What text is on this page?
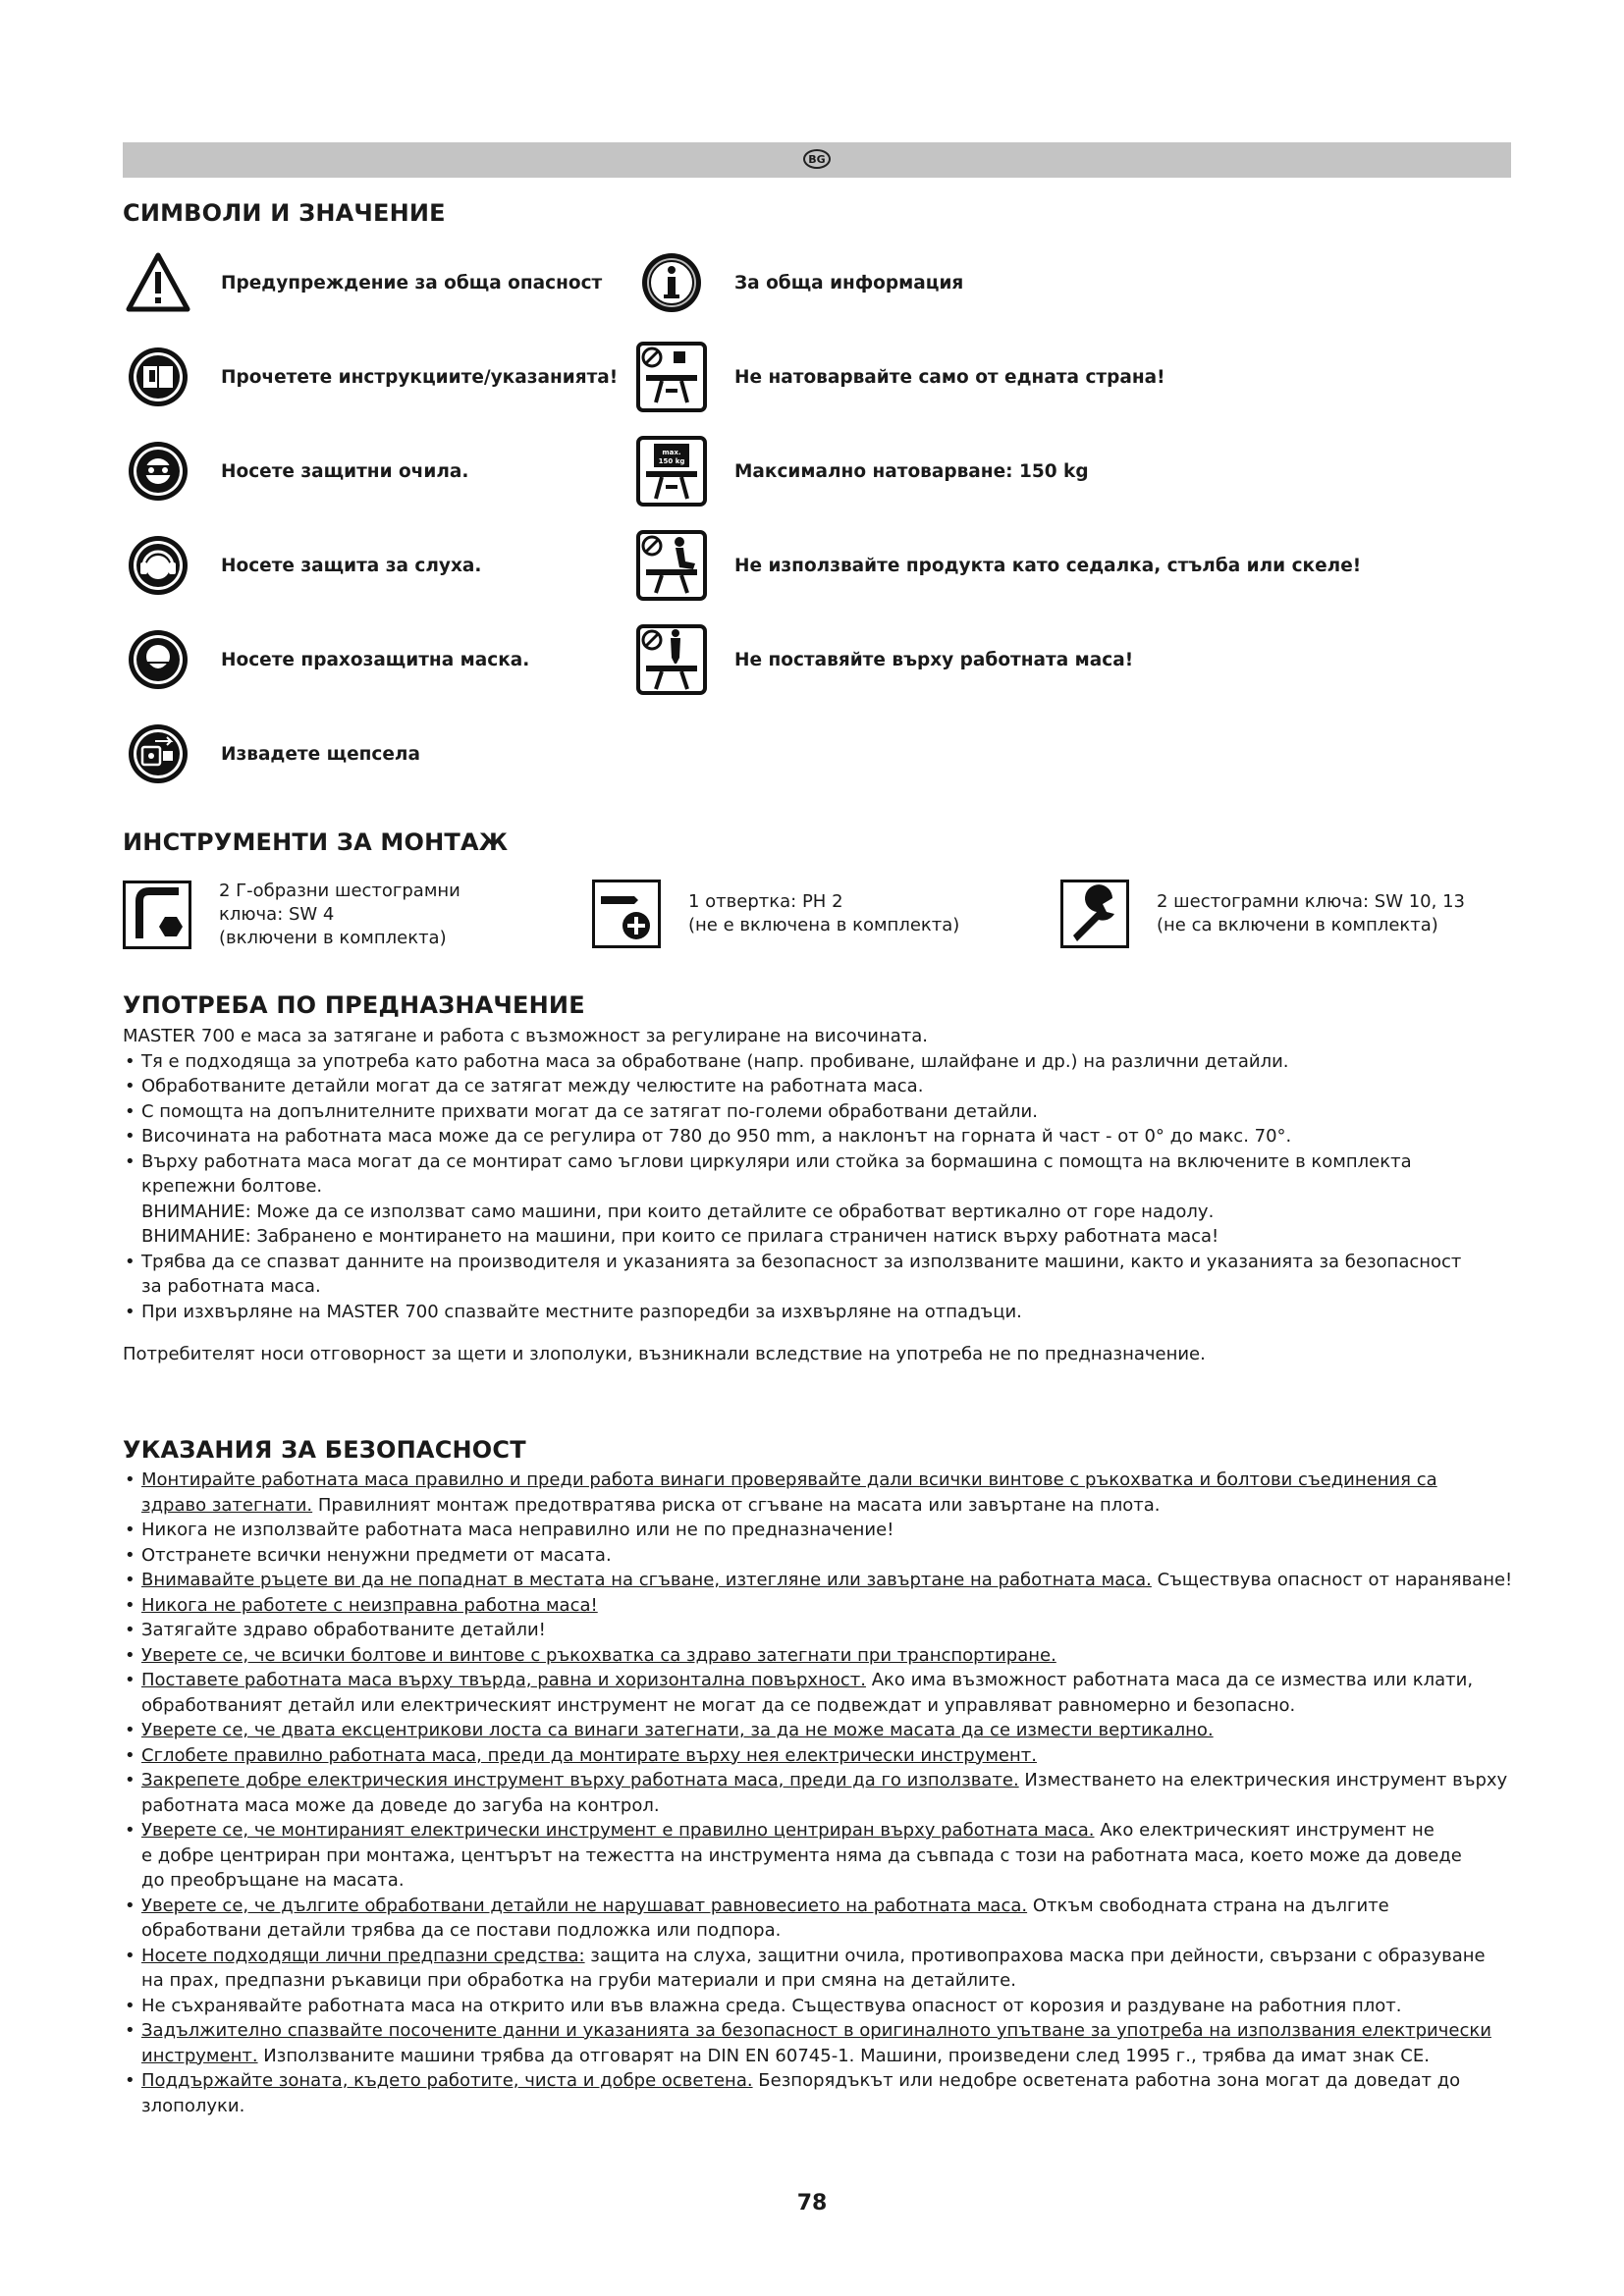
BG
СИМВОЛИ И ЗНАЧЕНИЕ
Предупреждение за обща опасност
Прочетете инструкциите/указанията!
Носете защитни очила.
Носете защита за слуха.
Носете прахозащитна маска.
Извадете щепсела
За обща информация
Не натоварвайте само от едната страна!
max.
150 kg	Максимално натоварване: 150 kg
Не използвайте продукта като седалка, стълба или скеле!
Не поставяйте върху работната маса!
ИНСТРУМЕНТИ ЗА МОНТАЖ
2 Г-образни шестограмни
ключа: SW 4
(включени в комплекта)
1 отвертка: PH 2
(не е включена в комплекта)
2 шестограмни ключа: SW 10, 13
(не са включени в комплекта)
УПОТРЕБА ПО ПРЕДНАЗНАЧЕНИЕ
MASTER 700 е маса за затягане и работа с възможност за регулиране на височината.
• Тя е подходяща за употреба като работна маса за обработване (напр. пробиване, шлайфане и др.) на различни детайли.
• Обработваните детайли могат да се затягат между челюстите на работната маса.
• С помощта на допълнителните прихвати могат да се затягат по-големи обработвани детайли.
• Височината на работната маса може да се регулира от 780 до 950 mm, а наклонът на горната й част - от 0° до макс. 70°.
• Върху работната маса могат да се монтират само ъглови циркуляри или стойка за бормашина с помощта на включените в комплекта
крепежни болтове.
ВНИМАНИЕ: Може да се използват само машини, при които детайлите се обработват вертикално от горе надолу.
ВНИМАНИЕ: Забранено е монтирането на машини, при които се прилага страничен натиск върху работната маса!
• Трябва да се спазват данните на производителя и указанията за безопасност за използваните машини, както и указанията за безопасност
за работната маса.
• При изхвърляне на MASTER 700 спазвайте местните разпоредби за изхвърляне на отпадъци.
Потребителят носи отговорност за щети и злополуки, възникнали вследствие на употреба не по предназначение.
УКАЗАНИЯ ЗА БЕЗОПАСНОСТ
• Монтирайте работната маса правилно и преди работа винаги проверявайте дали всички винтове с ръкохватка и болтови съединения са
здраво затегнати. Правилният монтаж предотвратява риска от сгъване на масата или завъртане на плота.
• Никога не използвайте работната маса неправилно или не по предназначение!
• Отстранете всички ненужни предмети от масата.
• Внимавайте ръцете ви да не попаднат в местата на сгъване, изтегляне или завъртане на работната маса. Съществува опасност от нараняване!
• Никога не работете с неизправна работна маса!
• Затягайте здраво обработваните детайли!
• Уверете се, че всички болтове и винтове с ръкохватка са здраво затегнати при транспортиране.
• Поставете работната маса върху твърда, равна и хоризонтална повърхност. Ако има възможност работната маса да се измества или клати,
обработваният детайл или електрическият инструмент не могат да се подвеждат и управляват равномерно и безопасно.
• Уверете се, че двата ексцентрикови лоста са винаги затегнати, за да не може масата да се измести вертикално.
• Сглобете правилно работната маса, преди да монтирате върху нея електрически инструмент.
• Закрепете добре електрическия инструмент върху работната маса, преди да го използвате. Изместването на електрическия инструмент върху
работната маса може да доведе до загуба на контрол.
• Уверете се, че монтираният електрически инструмент е правилно центриран върху работната маса. Ако електрическият инструмент не
е добре центриран при монтажа, центърът на тежестта на инструмента няма да съвпада с този на работната маса, което може да доведе
до преобръщане на масата.
• Уверете се, че дългите обработвани детайли не нарушават равновесието на работната маса. Откъм свободната страна на дългите
обработвани детайли трябва да се постави подложка или подпора.
• Носете подходящи лични предпазни средства: защита на слуха, защитни очила, противопрахова маска при дейности, свързани с образуване
на прах, предпазни ръкавици при обработка на груби материали и при смяна на детайлите.
• Не съхранявайте работната маса на открито или във влажна среда. Съществува опасност от корозия и раздуване на работния плот.
• Задължително спазвайте посочените данни и указанията за безопасност в оригиналното упътване за употреба на използвания електрически
инструмент. Използваните машини трябва да отговарят на DIN EN 60745-1. Машини, произведени след 1995 г., трябва да имат знак CE.
• Поддържайте зоната, където работите, чиста и добре осветена. Безпорядъкът или недобре осветената работна зона могат да доведат до
злополуки.
78
